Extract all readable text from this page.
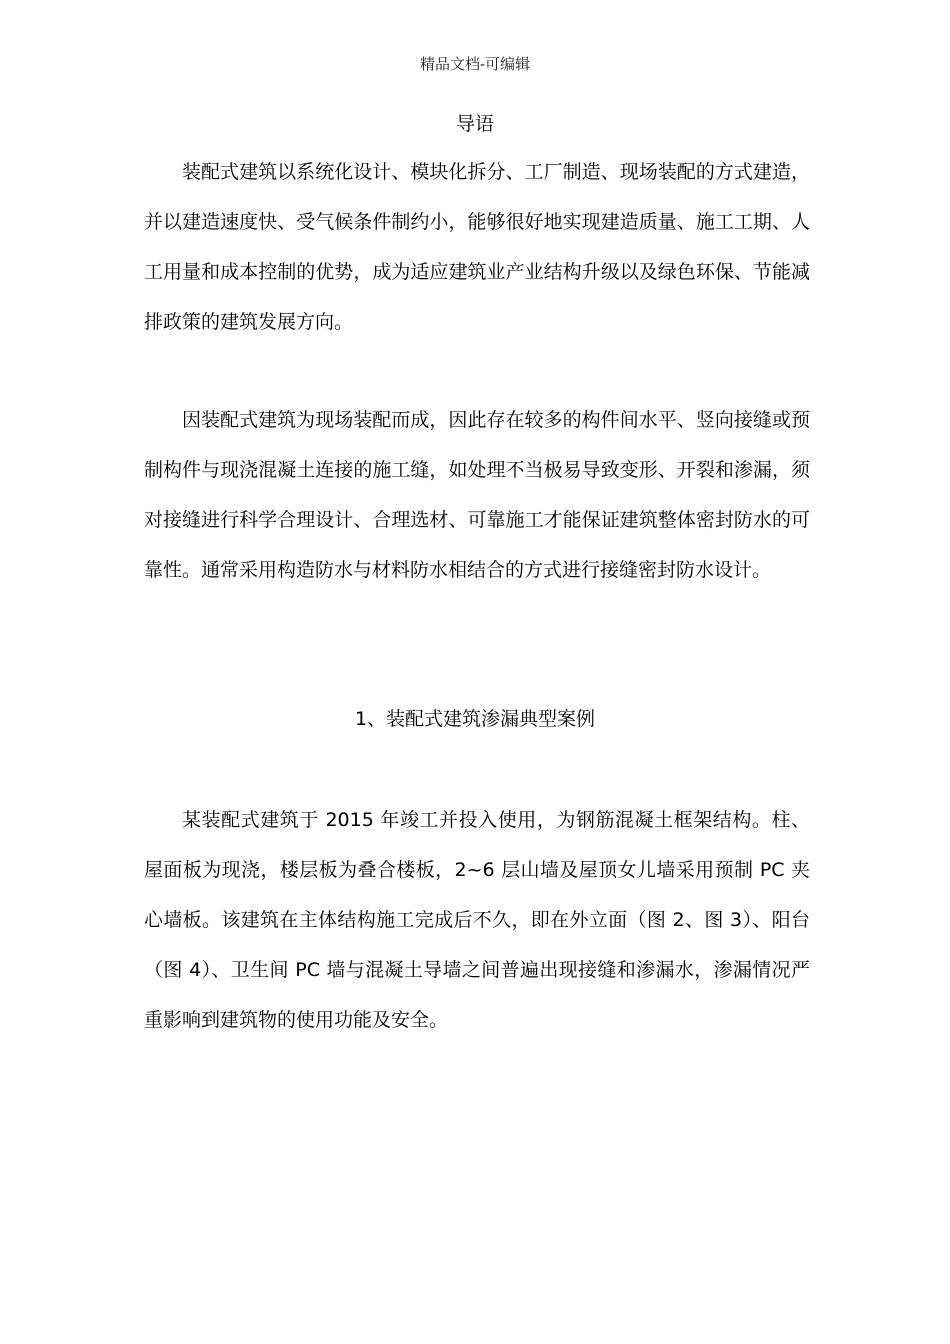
精品文档-可编辑
导语

装配式建筑以系统化设计、模块化拆分、工厂制造、现场装配的方式建造，并以建造速度快、受气候条件制约小，能够很好地实现建造质量、施工工期、人工用量和成本控制的优势，成为适应建筑业产业结构升级以及绿色环保、节能减排政策的建筑发展方向。

因装配式建筑为现场装配而成，因此存在较多的构件间水平、竖向接缝或预制构件与现浇混凝土连接的施工缝，如处理不当极易导致变形、开裂和渗漏，须对接缝进行科学合理设计、合理选材、可靠施工才能保证建筑整体密封防水的可靠性。通常采用构造防水与材料防水相结合的方式进行接缝密封防水设计。

1、装配式建筑渗漏典型案例

某装配式建筑于 2015 年竣工并投入使用，为钢筋混凝土框架结构。柱、屋面板为现浇，楼层板为叠合楼板，2~6 层山墙及屋顶女儿墙采用预制 PC 夹心墙板。该建筑在主体结构施工完成后不久，即在外立面（图 2、图 3）、阳台（图 4）、卫生间 PC 墙与混凝土导墙之间普遍出现接缝和渗漏水，渗漏情况严重影响到建筑物的使用功能及安全。
